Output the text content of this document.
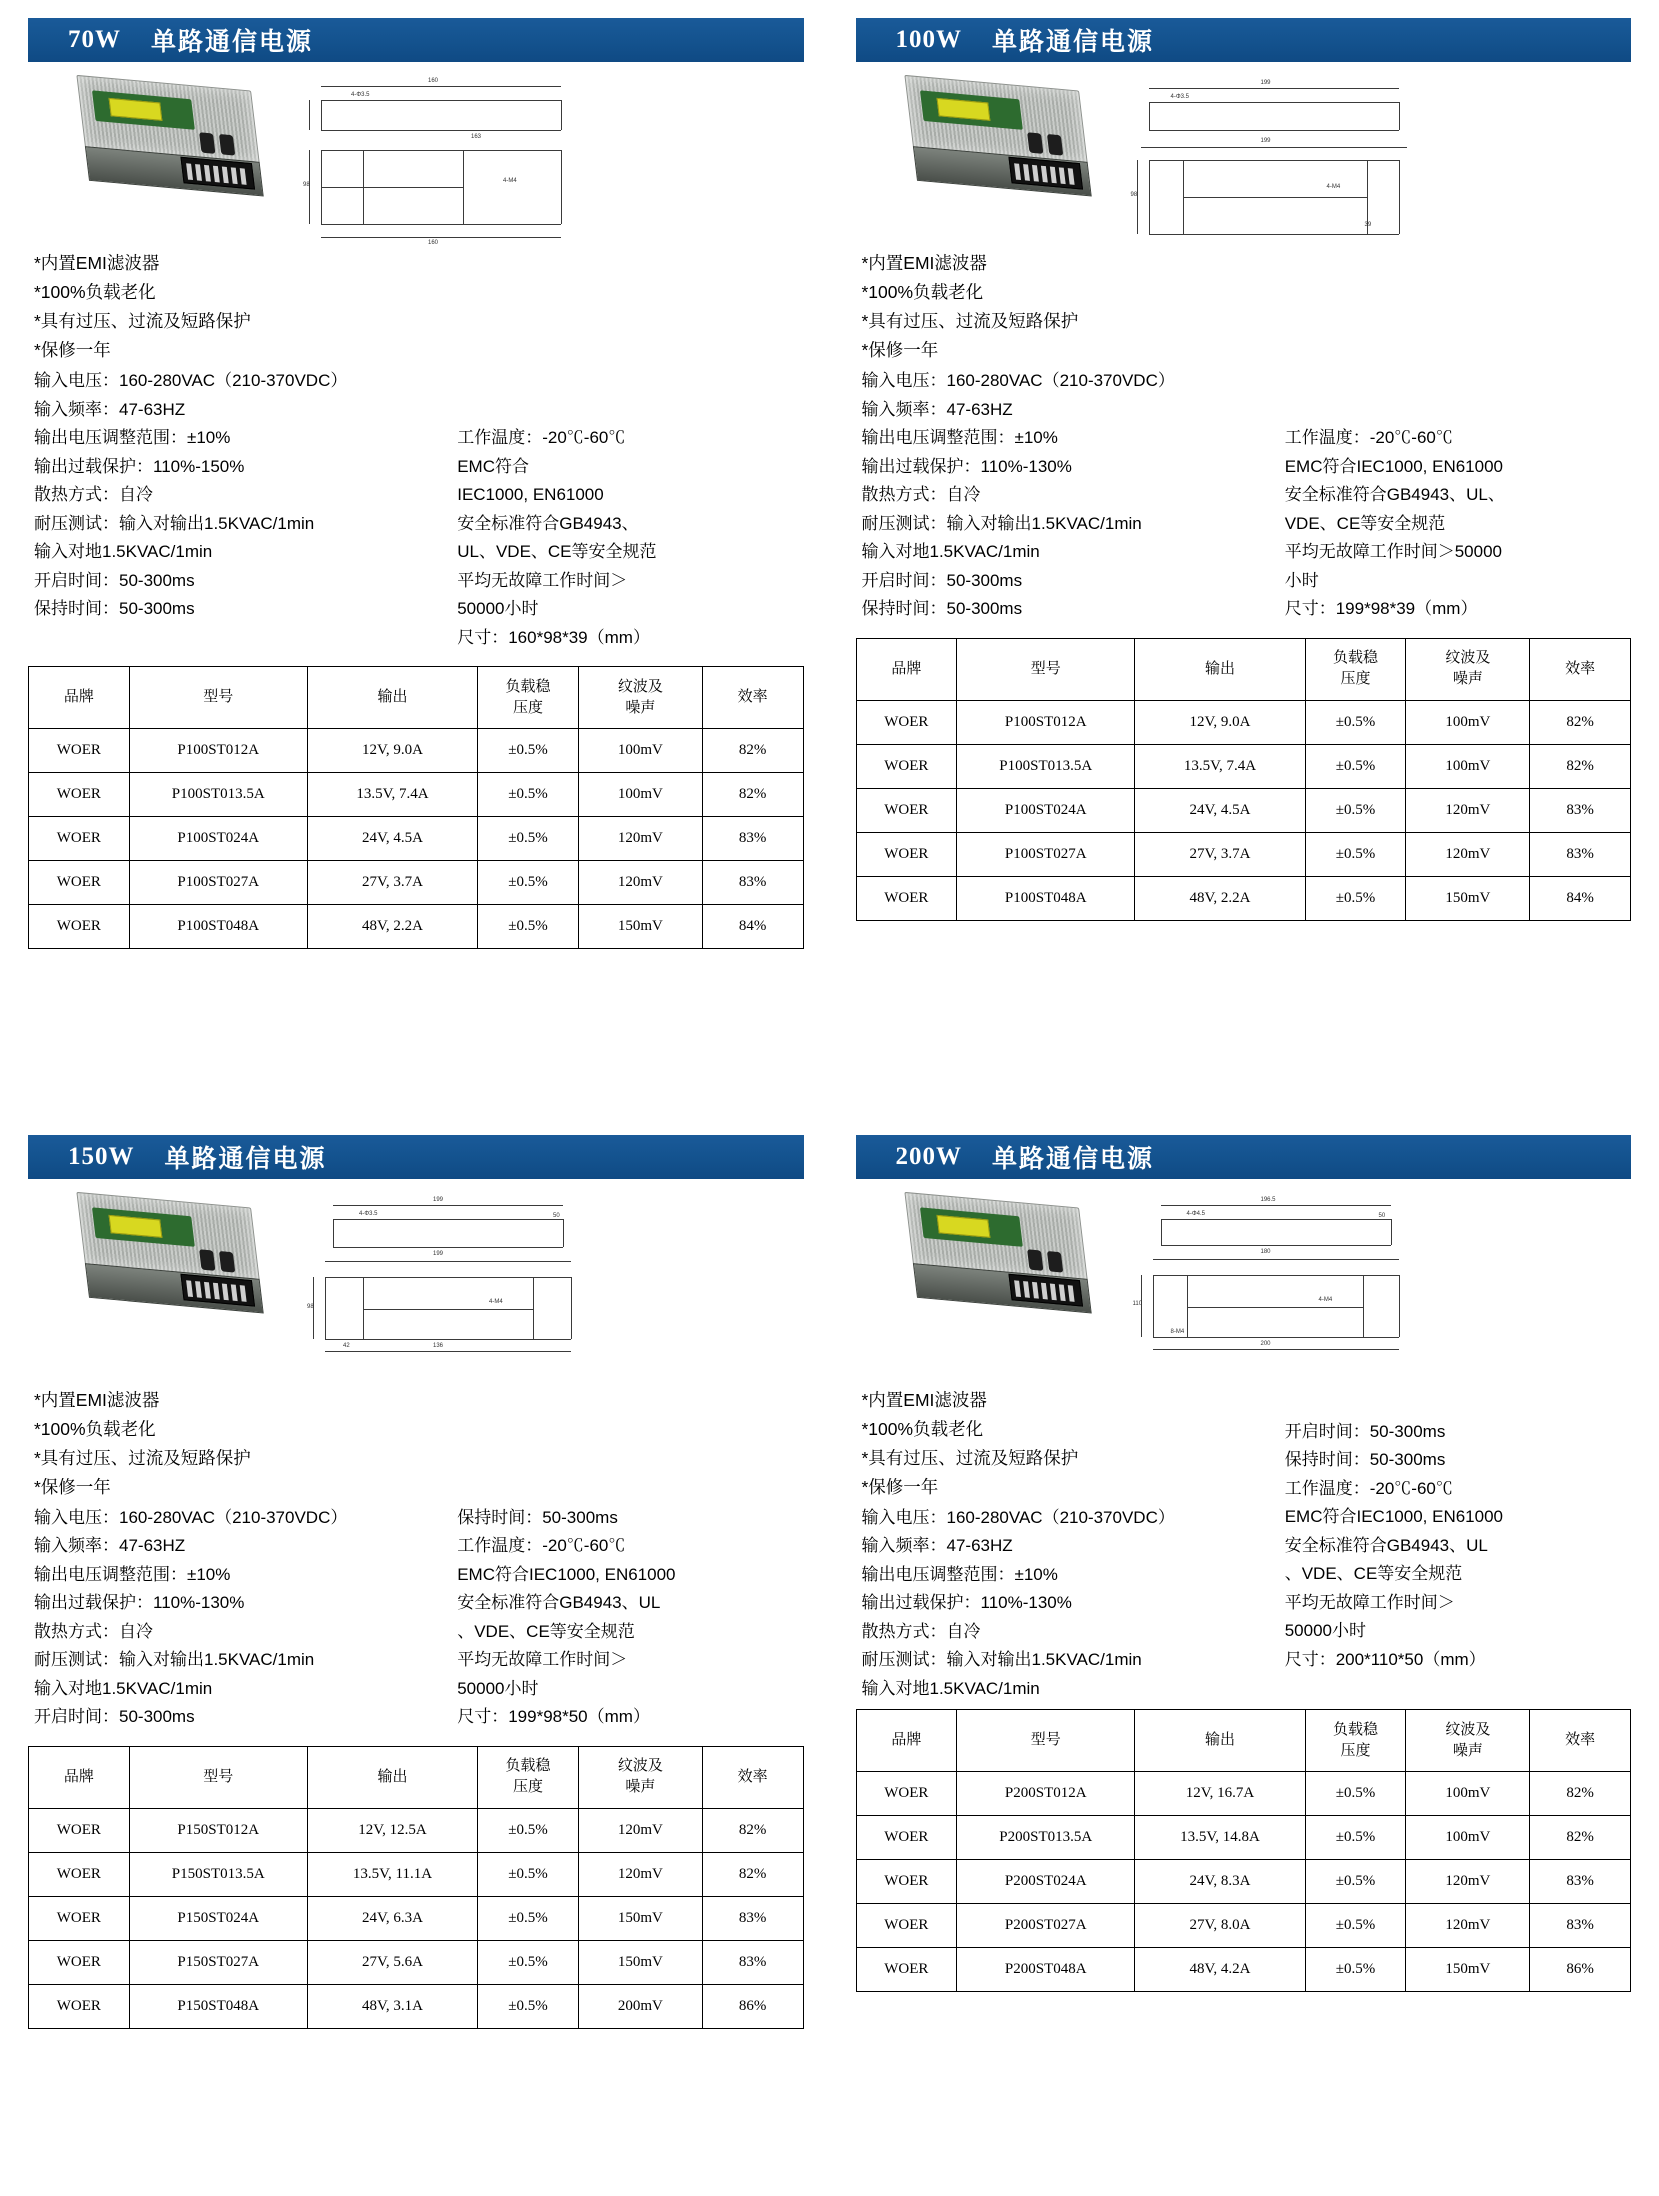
70W 单路通信电源
160
160
98
4-Φ3.5
163
4-M4
*内置EMI滤波器
*100%负载老化
*具有过压、过流及短路保护
*保修一年
输入电压：160-280VAC（210-370VDC）
输入频率：47-63HZ
输出电压调整范围：±10%
输出过载保护：110%-150%
散热方式：自冷
耐压测试：输入对输出1.5KVAC/1min
输入对地1.5KVAC/1min
开启时间：50-300ms
保持时间：50-300ms
工作温度：-20℃-60℃
EMC符合
IEC1000, EN61000
安全标准符合GB4943、
UL、VDE、CE等安全规范
平均无故障工作时间＞
50000小时
尺寸：160*98*39（mm）
品牌	型号	输出	负载稳
压度	纹波及
噪声	效率
WOER	P100ST012A	12V, 9.0A	±0.5%	100mV	82%
WOER	P100ST013.5A	13.5V, 7.4A	±0.5%	100mV	82%
WOER	P100ST024A	24V, 4.5A	±0.5%	120mV	83%
WOER	P100ST027A	27V, 3.7A	±0.5%	120mV	83%
WOER	P100ST048A	48V, 2.2A	±0.5%	150mV	84%
100W 单路通信电源
199
199
98
4-Φ3.5
4-M4
39
*内置EMI滤波器
*100%负载老化
*具有过压、过流及短路保护
*保修一年
输入电压：160-280VAC（210-370VDC）
输入频率：47-63HZ
输出电压调整范围：±10%
输出过载保护：110%-130%
散热方式：自冷
耐压测试：输入对输出1.5KVAC/1min
输入对地1.5KVAC/1min
开启时间：50-300ms
保持时间：50-300ms
工作温度：-20℃-60℃
EMC符合IEC1000, EN61000
安全标准符合GB4943、UL、
VDE、CE等安全规范
平均无故障工作时间＞50000
小时
尺寸：199*98*39（mm）
品牌	型号	输出	负载稳
压度	纹波及
噪声	效率
WOER	P100ST012A	12V, 9.0A	±0.5%	100mV	82%
WOER	P100ST013.5A	13.5V, 7.4A	±0.5%	100mV	82%
WOER	P100ST024A	24V, 4.5A	±0.5%	120mV	83%
WOER	P100ST027A	27V, 3.7A	±0.5%	120mV	83%
WOER	P100ST048A	48V, 2.2A	±0.5%	150mV	84%
150W 单路通信电源
199
199
98
4-Φ3.5
4-M4
136
42
50
*内置EMI滤波器
*100%负载老化
*具有过压、过流及短路保护
*保修一年
输入电压：160-280VAC（210-370VDC）
输入频率：47-63HZ
输出电压调整范围：±10%
输出过载保护：110%-130%
散热方式：自冷
耐压测试：输入对输出1.5KVAC/1min
输入对地1.5KVAC/1min
开启时间：50-300ms
保持时间：50-300ms
工作温度：-20℃-60℃
EMC符合IEC1000, EN61000
安全标准符合GB4943、UL
、VDE、CE等安全规范
平均无故障工作时间＞
50000小时
尺寸：199*98*50（mm）
品牌	型号	输出	负载稳
压度	纹波及
噪声	效率
WOER	P150ST012A	12V, 12.5A	±0.5%	120mV	82%
WOER	P150ST013.5A	13.5V, 11.1A	±0.5%	120mV	82%
WOER	P150ST024A	24V, 6.3A	±0.5%	150mV	83%
WOER	P150ST027A	27V, 5.6A	±0.5%	150mV	83%
WOER	P150ST048A	48V, 3.1A	±0.5%	200mV	86%
200W 单路通信电源
196.5
180
110
4-Φ4.5
4-M4
200
8-M4
50
*内置EMI滤波器
*100%负载老化
*具有过压、过流及短路保护
*保修一年
输入电压：160-280VAC（210-370VDC）
输入频率：47-63HZ
输出电压调整范围：±10%
输出过载保护：110%-130%
散热方式：自冷
耐压测试：输入对输出1.5KVAC/1min
输入对地1.5KVAC/1min
开启时间：50-300ms
保持时间：50-300ms
工作温度：-20℃-60℃
EMC符合IEC1000, EN61000
安全标准符合GB4943、UL
、VDE、CE等安全规范
平均无故障工作时间＞
50000小时
尺寸：200*110*50（mm）
品牌	型号	输出	负载稳
压度	纹波及
噪声	效率
WOER	P200ST012A	12V, 16.7A	±0.5%	100mV	82%
WOER	P200ST013.5A	13.5V, 14.8A	±0.5%	100mV	82%
WOER	P200ST024A	24V, 8.3A	±0.5%	120mV	83%
WOER	P200ST027A	27V, 8.0A	±0.5%	120mV	83%
WOER	P200ST048A	48V, 4.2A	±0.5%	150mV	86%
